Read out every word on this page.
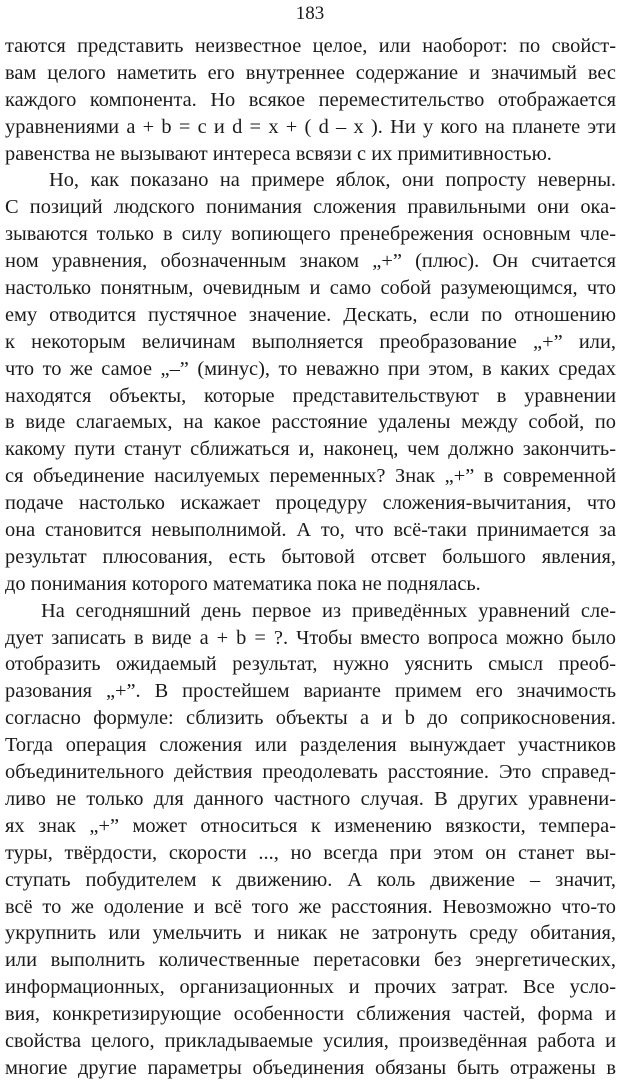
183
таются представить неизвестное целое, или наоборот: по свойст-
вам целого наметить его внутреннее содержание и значимый вес
каждого компонента. Но всякое переместительство отображается
уравнениями a + b = c и d = x + ( d – x ). Ни у кого на планете эти
равенства не вызывают интереса всвязи с их примитивностью.
Но, как показано на примере яблок, они попросту неверны.
С позиций людского понимания сложения правильными они ока-
зываются только в силу вопиющего пренебрежения основным чле-
ном уравнения, обозначенным знаком „+” (плюс). Он считается
настолько понятным, очевидным и само собой разумеющимся, что
ему отводится пустячное значение. Дескать, если по отношению
к некоторым величинам выполняется преобразование „+” или,
что то же самое „–” (минус), то неважно при этом, в каких средах
находятся объекты, которые представительствуют в уравнении
в виде слагаемых, на какое расстояние удалены между собой, по
какому пути станут сближаться и, наконец, чем должно закончить-
ся объединение насилуемых переменных? Знак „+” в современной
подаче настолько искажает процедуру сложения-вычитания, что
она становится невыполнимой. А то, что всё-таки принимается за
результат плюсования, есть бытовой отсвет большого явления,
до понимания которого математика пока не поднялась.
На сегодняшний день первое из приведённых уравнений сле-
дует записать в виде a + b = ?. Чтобы вместо вопроса можно было
отобразить ожидаемый результат, нужно уяснить смысл преоб-
разования „+”. В простейшем варианте примем его значимость
согласно формуле: сблизить объекты a и b до соприкосновения.
Тогда операция сложения или разделения вынуждает участников
объединительного действия преодолевать расстояние. Это справед-
ливо не только для данного частного случая. В других уравнени-
ях знак „+” может относиться к изменению вязкости, темпера-
туры, твёрдости, скорости ..., но всегда при этом он станет вы-
ступать побудителем к движению. А коль движение – значит,
всё то же одоление и всё того же расстояния. Невозможно что-то
укрупнить или умельчить и никак не затронуть среду обитания,
или выполнить количественные перетасовки без энергетических,
информационных, организационных и прочих затрат. Все усло-
вия, конкретизирующие особенности сближения частей, форма и
свойства целого, прикладываемые усилия, произведённая работа и
многие другие параметры объединения обязаны быть отражены в
